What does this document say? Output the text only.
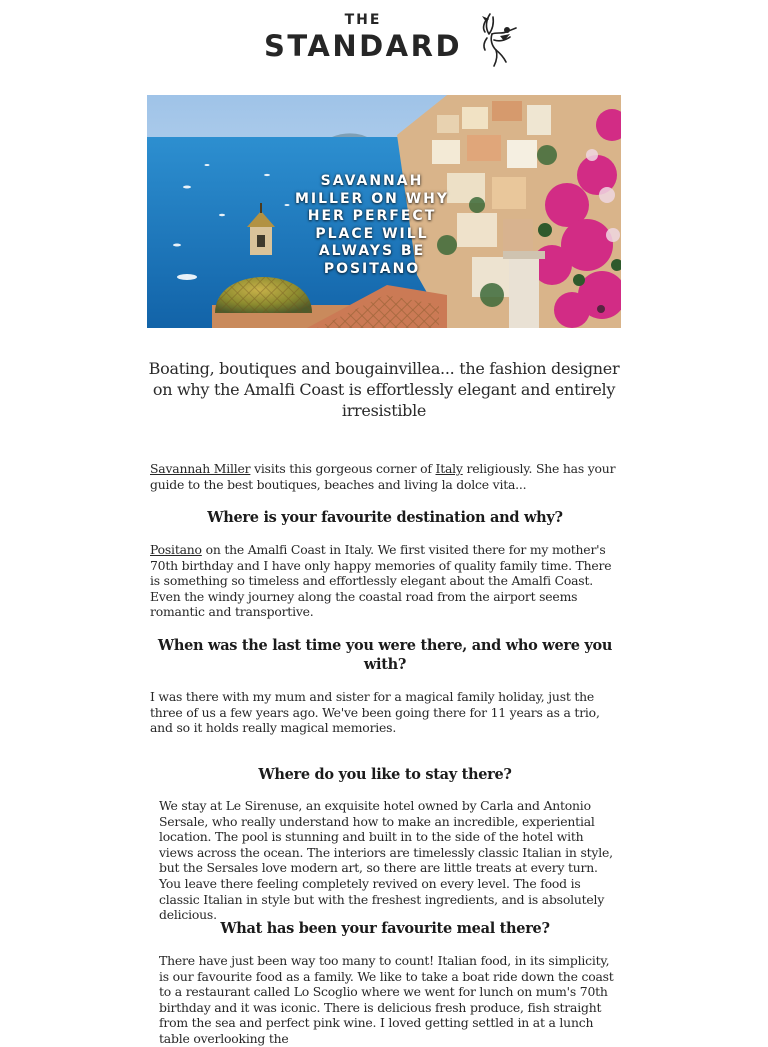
THE
STANDARD
SAVANNAH MILLER ON WHY HER PERFECT PLACE WILL ALWAYS BE POSITANO
Boating, boutiques and bougainvillea... the fashion designer on why the Amalfi Coast is effortlessly elegant and entirely irresistible

Savannah Miller visits this gorgeous corner of Italy religiously. She has your guide to the best boutiques, beaches and living la dolce vita...

Where is your favourite destination and why?

Positano on the Amalfi Coast in Italy. We first visited there for my mother's 70th birthday and I have only happy memories of quality family time. There is something so timeless and effortlessly elegant about the Amalfi Coast. Even the windy journey along the coastal road from the airport seems romantic and transportive.

When was the last time you were there, and who were you with?

I was there with my mum and sister for a magical family holiday, just the three of us a few years ago. We've been going there for 11 years as a trio, and so it holds really magical memories.

Where do you like to stay there?

We stay at Le Sirenuse, an exquisite hotel owned by Carla and Antonio Sersale, who really understand how to make an incredible, experiential location. The pool is stunning and built in to the side of the hotel with views across the ocean. The interiors are timelessly classic Italian in style, but the Sersales love modern art, so there are little treats at every turn. You leave there feeling completely revived on every level. The food is classic Italian in style but with the freshest ingredients, and is absolutely delicious.

What has been your favourite meal there?

There have just been way too many to count! Italian food, in its simplicity, is our favourite food as a family. We like to take a boat ride down the coast to a restaurant called Lo Scoglio where we went for lunch on mum's 70th birthday and it was iconic. There is delicious fresh produce, fish straight from the sea and perfect pink wine. I loved getting settled in at a lunch table overlooking the
